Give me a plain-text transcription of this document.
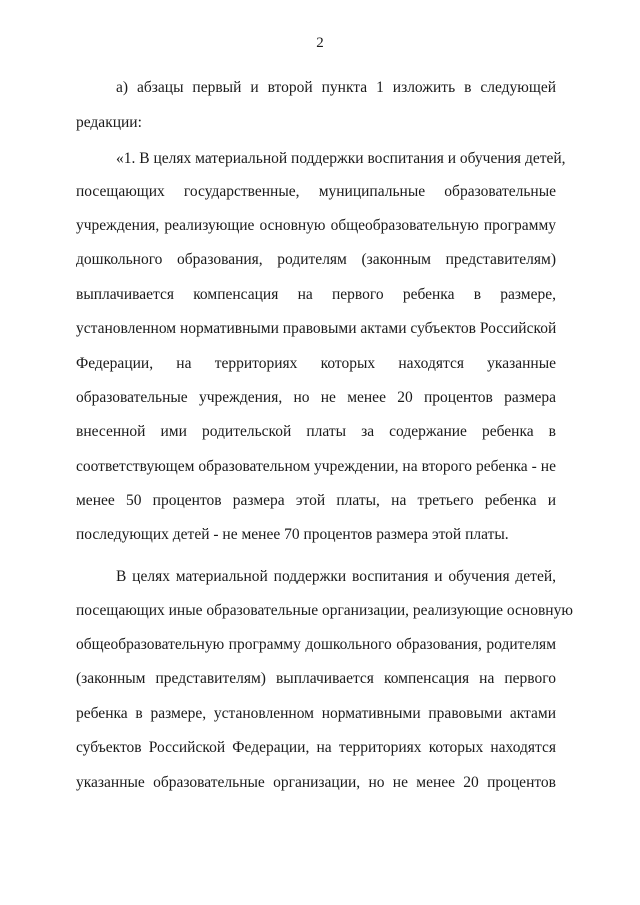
2
а) абзацы первый и второй пункта 1 изложить в следующей
редакции:
«1. В целях материальной поддержки воспитания и обучения детей,
посещающих государственные, муниципальные образовательные
учреждения, реализующие основную общеобразовательную программу
дошкольного образования, родителям (законным представителям)
выплачивается компенсация на первого ребенка в размере,
установленном нормативными правовыми актами субъектов Российской
Федерации, на территориях которых находятся указанные
образовательные учреждения, но не менее 20 процентов размера
внесенной ими родительской платы за содержание ребенка в
соответствующем образовательном учреждении, на второго ребенка - не
менее 50 процентов размера этой платы, на третьего ребенка и
последующих детей - не менее 70 процентов размера этой платы.
В целях материальной поддержки воспитания и обучения детей,
посещающих иные образовательные организации, реализующие основную
общеобразовательную программу дошкольного образования, родителям
(законным представителям) выплачивается компенсация на первого
ребенка в размере, установленном нормативными правовыми актами
субъектов Российской Федерации, на территориях которых находятся
указанные образовательные организации, но не менее 20 процентов
